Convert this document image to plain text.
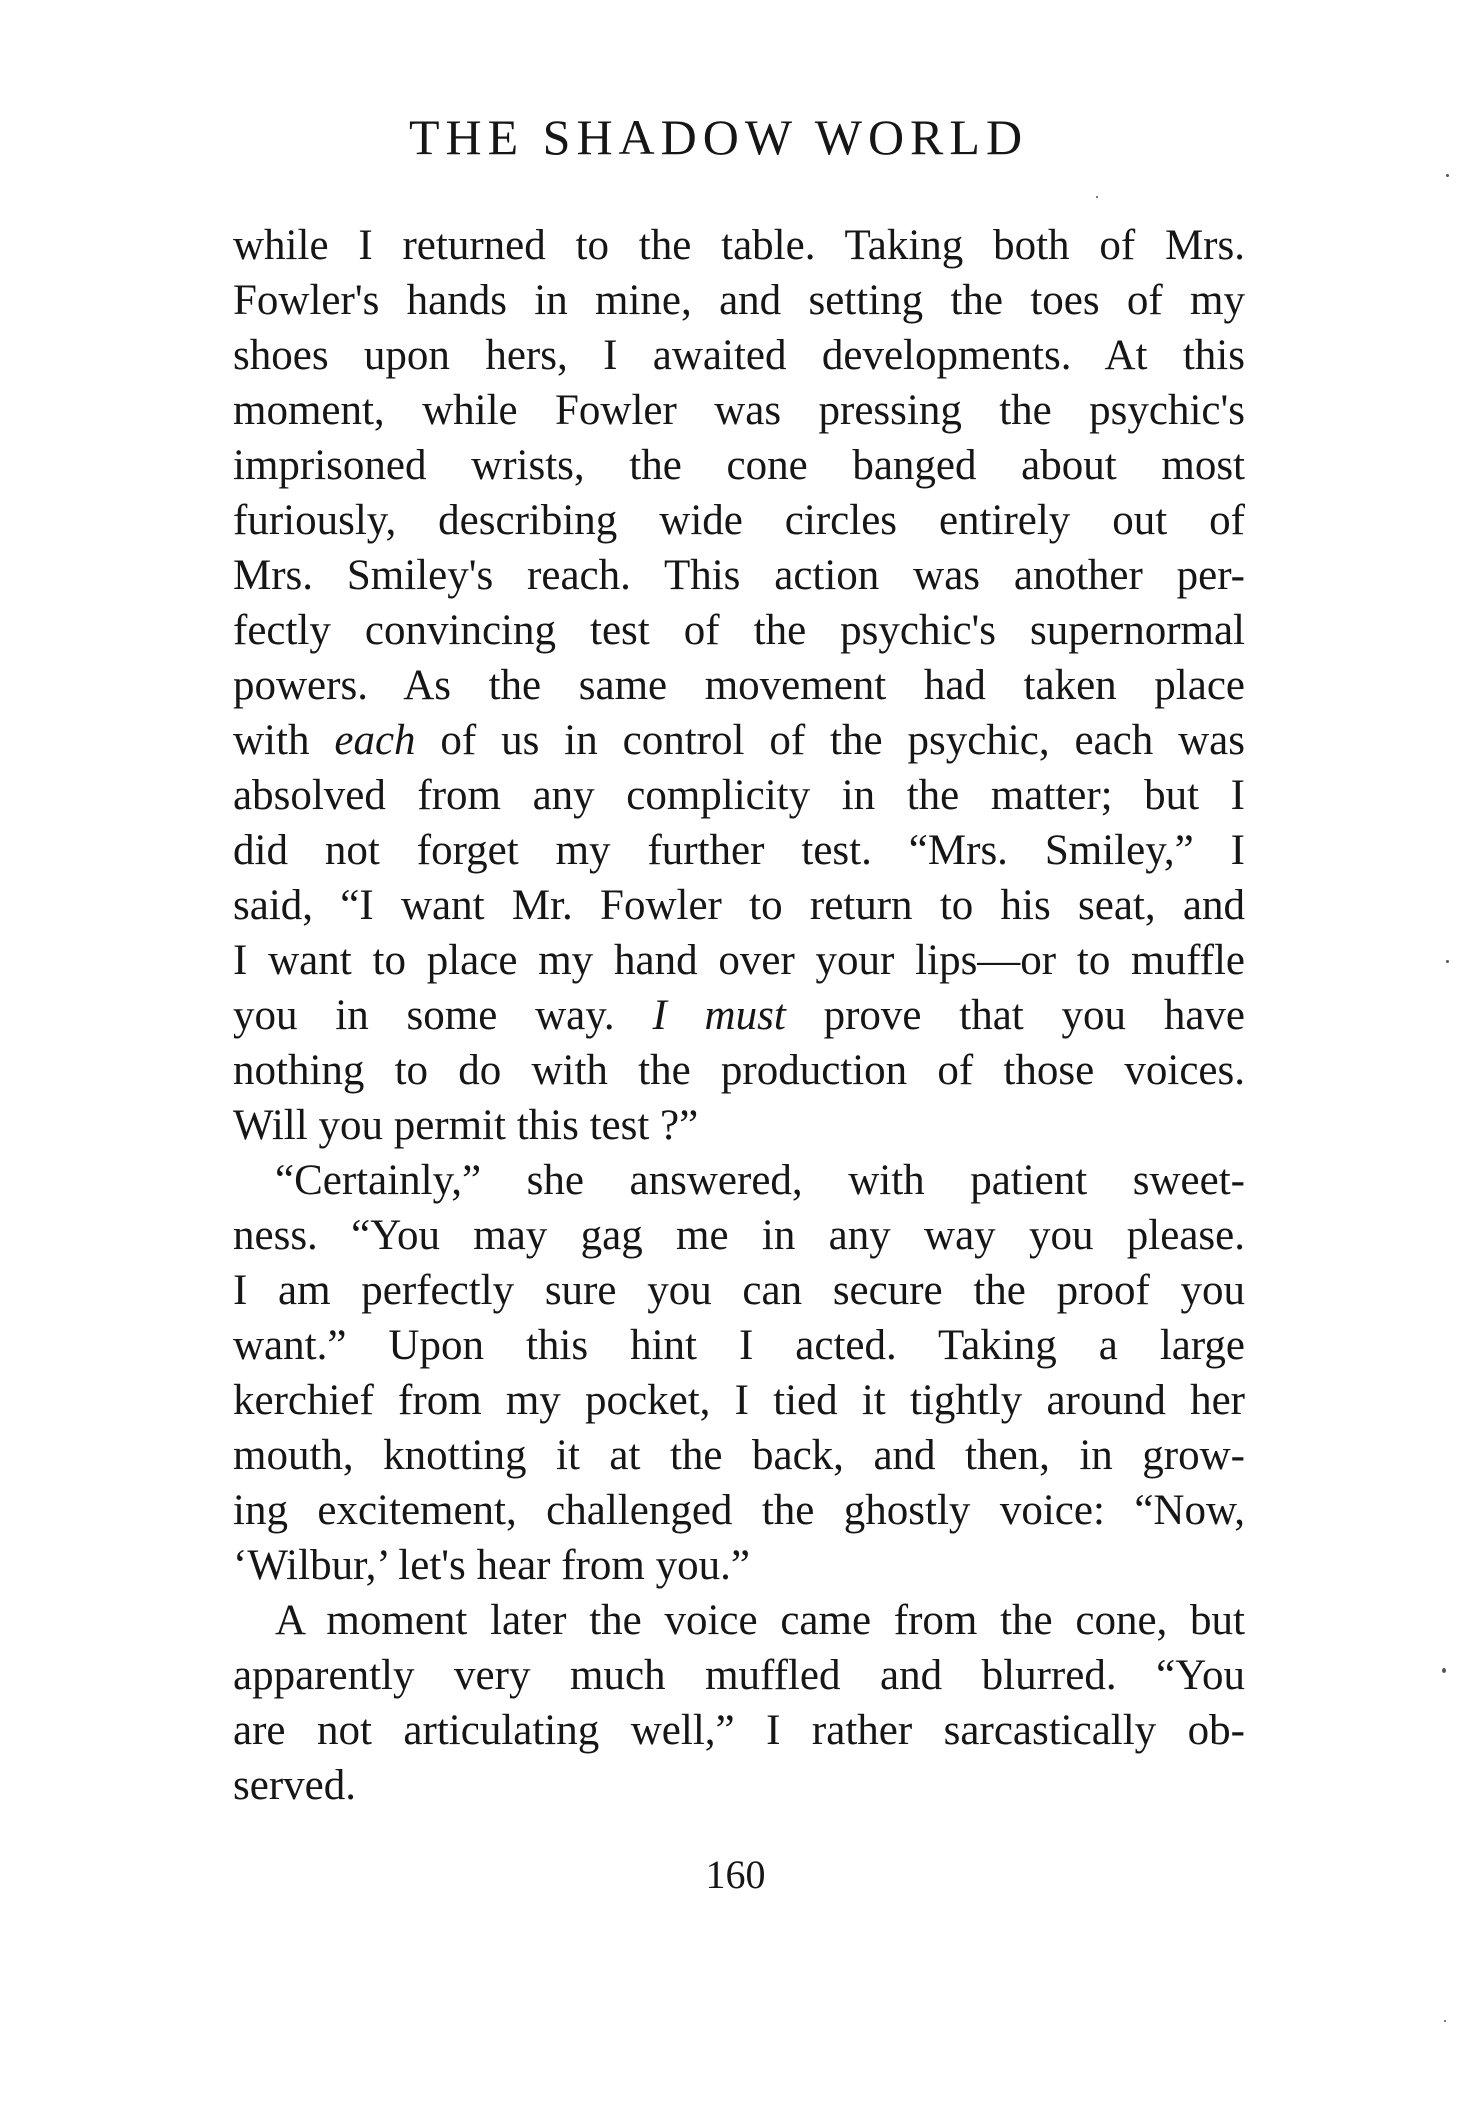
THE SHADOW WORLD
while I returned to the table. Taking both of Mrs.
Fowler's hands in mine, and setting the toes of my
shoes upon hers, I awaited developments. At this
moment, while Fowler was pressing the psychic's
imprisoned wrists, the cone banged about most
furiously, describing wide circles entirely out of
Mrs. Smiley's reach. This action was another per-
fectly convincing test of the psychic's supernormal
powers. As the same movement had taken place
with each of us in control of the psychic, each was
absolved from any complicity in the matter; but I
did not forget my further test. “Mrs. Smiley,” I
said, “I want Mr. Fowler to return to his seat, and
I want to place my hand over your lips—or to muffle
you in some way. I must prove that you have
nothing to do with the production of those voices.
Will you permit this test ?”
“Certainly,” she answered, with patient sweet-
ness. “You may gag me in any way you please.
I am perfectly sure you can secure the proof you
want.” Upon this hint I acted. Taking a large
kerchief from my pocket, I tied it tightly around her
mouth, knotting it at the back, and then, in grow-
ing excitement, challenged the ghostly voice: “Now,
‘Wilbur,’ let's hear from you.”
A moment later the voice came from the cone, but
apparently very much muffled and blurred. “You
are not articulating well,” I rather sarcastically ob-
served.
160
